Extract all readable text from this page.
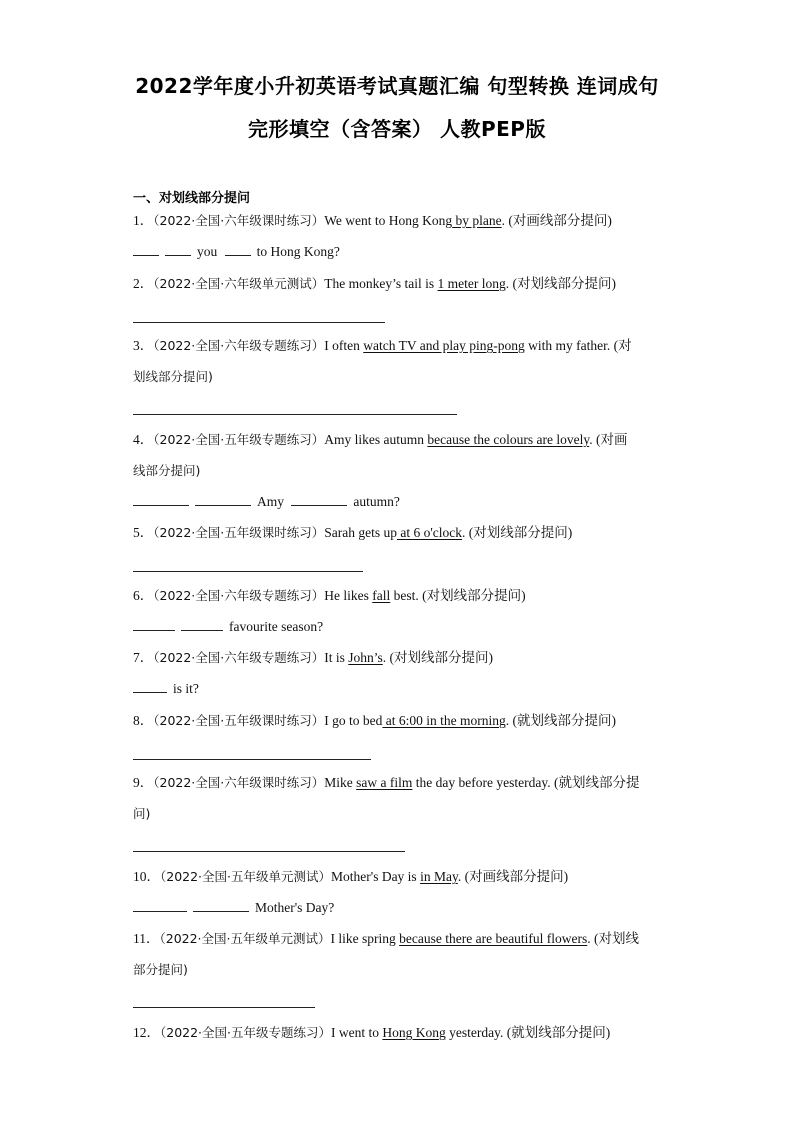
2022学年度小升初英语考试真题汇编 句型转换 连词成句
完形填空（含答案） 人教PEP版
一、对划线部分提问
1．（2022·全国·六年级课时练习）We went to Hong Kong by plane. (对画线部分提问)
you	to Hong Kong?
2．（2022·全国·六年级单元测试）The monkey’s tail is 1 meter long. (对划线部分提问)
3．（2022·全国·六年级专题练习）I often watch TV and play ping-pong with my father. (对
划线部分提问)
4．（2022·全国·五年级专题练习）Amy likes autumn because the colours are lovely. (对画
线部分提问)
Amy	autumn?
5．（2022·全国·五年级课时练习）Sarah gets up at 6 o'clock. (对划线部分提问)
6．（2022·全国·六年级专题练习）He likes fall best. (对划线部分提问)
favourite season?
7．（2022·全国·六年级专题练习）It is John’s. (对划线部分提问)
is it?
8．（2022·全国·五年级课时练习）I go to bed at 6:00 in the morning. (就划线部分提问)
9．（2022·全国·六年级课时练习）Mike saw a film the day before yesterday. (就划线部分提
问)
10．（2022·全国·五年级单元测试）Mother's Day is in May. (对画线部分提问)
Mother's Day?
11．（2022·全国·五年级单元测试）I like spring because there are beautiful flowers. (对划线
部分提问)
12．（2022·全国·五年级专题练习）I went to Hong Kong yesterday. (就划线部分提问)
